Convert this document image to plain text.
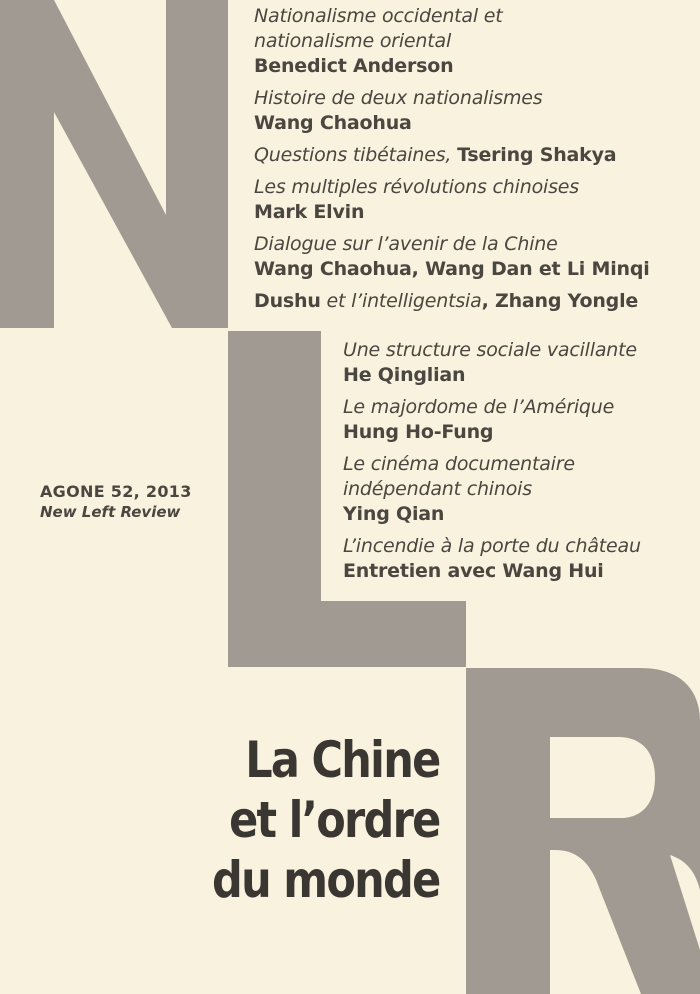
Nationalisme occidental et
nationalisme oriental
Benedict Anderson
Histoire de deux nationalismes
Wang Chaohua
Questions tibétaines, Tsering Shakya
Les multiples révolutions chinoises
Mark Elvin
Dialogue sur l’avenir de la Chine
Wang Chaohua, Wang Dan et Li Minqi
Dushu et l’intelligentsia, Zhang Yongle
Une structure sociale vacillante
He Qinglian
Le majordome de l’Amérique
Hung Ho-Fung
Le cinéma documentaire
indépendant chinois
Ying Qian
L’incendie à la porte du château
Entretien avec Wang Hui
AGONE 52, 2013
New Left Review
La Chine
et l’ordre
du monde
